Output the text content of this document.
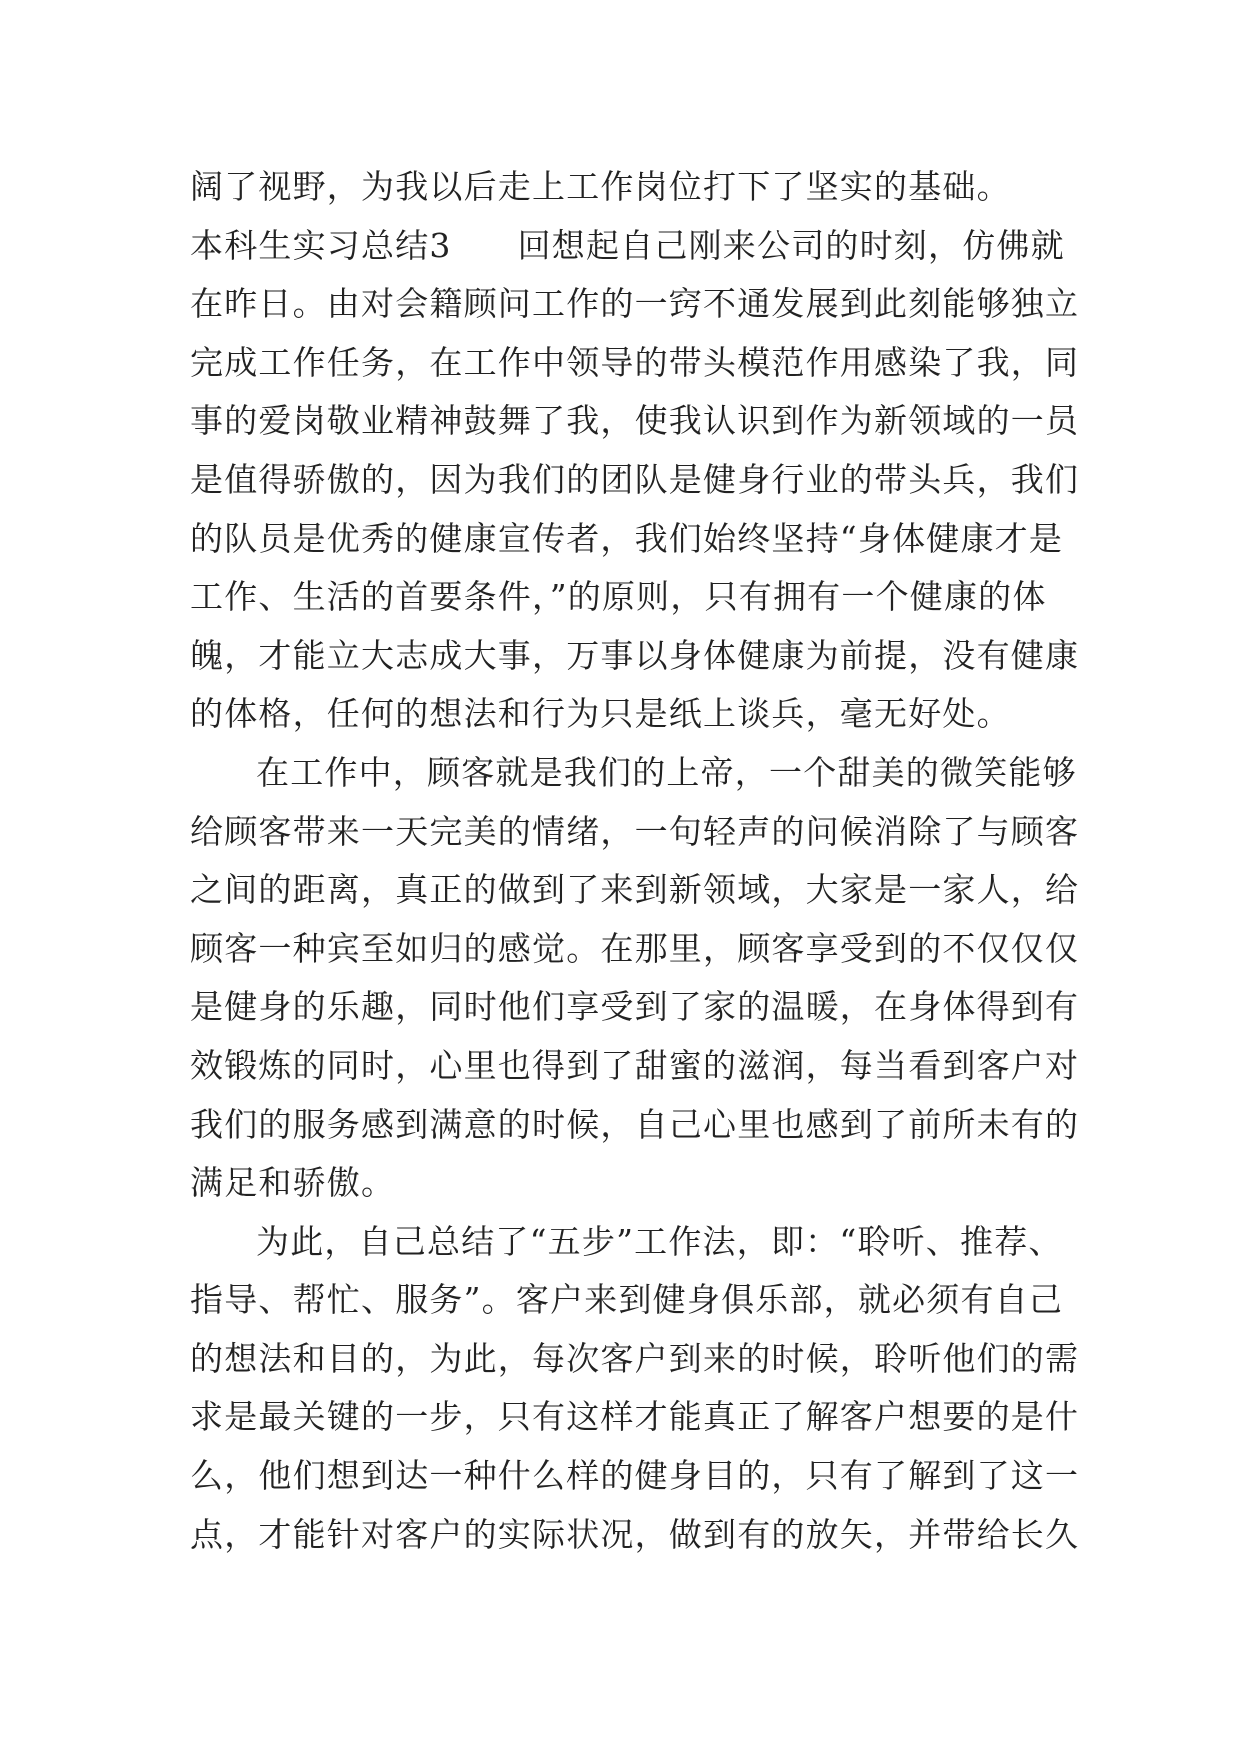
阔了视野，为我以后走上工作岗位打下了坚实的基础。
本科生实习总结3 回想起自己刚来公司的时刻，仿佛就
在昨日。由对会籍顾问工作的一窍不通发展到此刻能够独立
完成工作任务，在工作中领导的带头模范作用感染了我，同
事的爱岗敬业精神鼓舞了我，使我认识到作为新领域的一员
是值得骄傲的，因为我们的团队是健身行业的带头兵，我们
的队员是优秀的健康宣传者，我们始终坚持“身体健康才是
工作、生活的首要条件，”的原则，只有拥有一个健康的体
魄，才能立大志成大事，万事以身体健康为前提，没有健康
的体格，任何的想法和行为只是纸上谈兵，毫无好处。
在工作中，顾客就是我们的上帝，一个甜美的微笑能够
给顾客带来一天完美的情绪，一句轻声的问候消除了与顾客
之间的距离，真正的做到了来到新领域，大家是一家人，给
顾客一种宾至如归的感觉。在那里，顾客享受到的不仅仅仅
是健身的乐趣，同时他们享受到了家的温暖，在身体得到有
效锻炼的同时，心里也得到了甜蜜的滋润，每当看到客户对
我们的服务感到满意的时候，自己心里也感到了前所未有的
满足和骄傲。
为此，自己总结了“五步”工作法，即：“聆听、推荐、
指导、帮忙、服务”。客户来到健身俱乐部，就必须有自己
的想法和目的，为此，每次客户到来的时候，聆听他们的需
求是最关键的一步，只有这样才能真正了解客户想要的是什
么，他们想到达一种什么样的健身目的，只有了解到了这一
点，才能针对客户的实际状况，做到有的放矢，并带给长久
